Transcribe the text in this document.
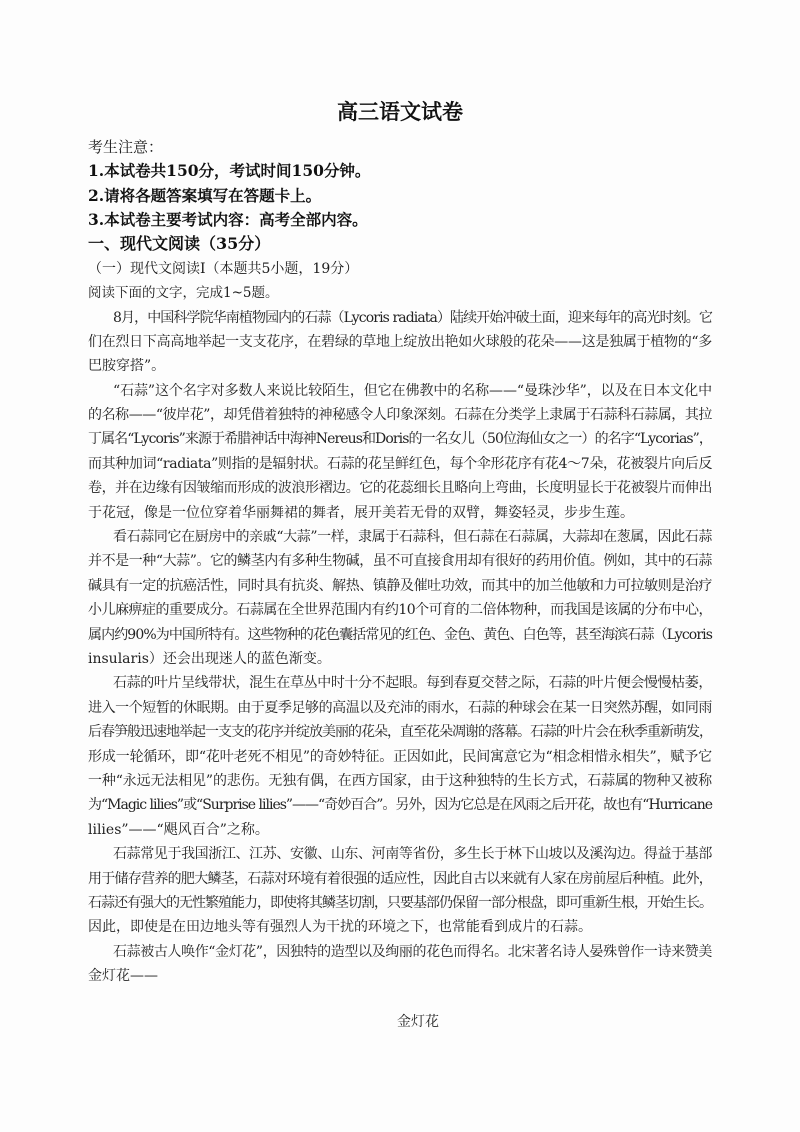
高三语文试卷
考生注意：
1.本试卷共150分，考试时间150分钟。
2.请将各题答案填写在答题卡上。
3.本试卷主要考试内容：高考全部内容。
一、现代文阅读（35分）
（一）现代文阅读Ⅰ（本题共5小题，19分）
阅读下面的文字，完成1~5题。
8月，中国科学院华南植物园内的石蒜（Lycoris radiata）陆续开始冲破土面，迎来每年的高光时刻。它
们在烈日下高高地举起一支支花序，在碧绿的草地上绽放出艳如火球般的花朵——这是独属于植物的“多
巴胺穿搭”。
“石蒜”这个名字对多数人来说比较陌生，但它在佛教中的名称——“曼珠沙华”，以及在日本文化中
的名称——“彼岸花”，却凭借着独特的神秘感令人印象深刻。石蒜在分类学上隶属于石蒜科石蒜属，其拉
丁属名“Lycoris”来源于希腊神话中海神Nereus和Doris的一名女儿（50位海仙女之一）的名字“Lycorias”，
而其种加词“radiata”则指的是辐射状。石蒜的花呈鲜红色，每个伞形花序有花4～7朵，花被裂片向后反
卷，并在边缘有因皱缩而形成的波浪形褶边。它的花蕊细长且略向上弯曲，长度明显长于花被裂片而伸出
于花冠，像是一位位穿着华丽舞裙的舞者，展开美若无骨的双臂，舞姿轻灵，步步生莲。
看石蒜同它在厨房中的亲戚“大蒜”一样，隶属于石蒜科，但石蒜在石蒜属，大蒜却在葱属，因此石蒜
并不是一种“大蒜”。它的鳞茎内有多种生物碱，虽不可直接食用却有很好的药用价值。例如，其中的石蒜
碱具有一定的抗癌活性，同时具有抗炎、解热、镇静及催吐功效，而其中的加兰他敏和力可拉敏则是治疗
小儿麻痹症的重要成分。石蒜属在全世界范围内有约10个可育的二倍体物种，而我国是该属的分布中心，
属内约90%为中国所特有。这些物种的花色囊括常见的红色、金色、黄色、白色等，甚至海滨石蒜（Lycoris
insularis）还会出现迷人的蓝色渐变。
石蒜的叶片呈线带状，混生在草丛中时十分不起眼。每到春夏交替之际，石蒜的叶片便会慢慢枯萎，
进入一个短暂的休眠期。由于夏季足够的高温以及充沛的雨水，石蒜的种球会在某一日突然苏醒，如同雨
后春笋般迅速地举起一支支的花序并绽放美丽的花朵，直至花朵凋谢的落幕。石蒜的叶片会在秋季重新萌发，
形成一轮循环，即“花叶老死不相见”的奇妙特征。正因如此，民间寓意它为“相念相惜永相失”，赋予它
一种“永远无法相见”的悲伤。无独有偶，在西方国家，由于这种独特的生长方式，石蒜属的物种又被称
为“Magic lilies”或“Surprise lilies”——“奇妙百合”。另外，因为它总是在风雨之后开花，故也有“Hurricane
lilies”——“飓风百合”之称。
石蒜常见于我国浙江、江苏、安徽、山东、河南等省份，多生长于林下山坡以及溪沟边。得益于基部
用于储存营养的肥大鳞茎，石蒜对环境有着很强的适应性，因此自古以来就有人家在房前屋后种植。此外，
石蒜还有强大的无性繁殖能力，即使将其鳞茎切割，只要基部仍保留一部分根盘，即可重新生根，开始生长。
因此，即使是在田边地头等有强烈人为干扰的环境之下，也常能看到成片的石蒜。
石蒜被古人唤作“金灯花”，因独特的造型以及绚丽的花色而得名。北宋著名诗人晏殊曾作一诗来赞美
金灯花——
金灯花
